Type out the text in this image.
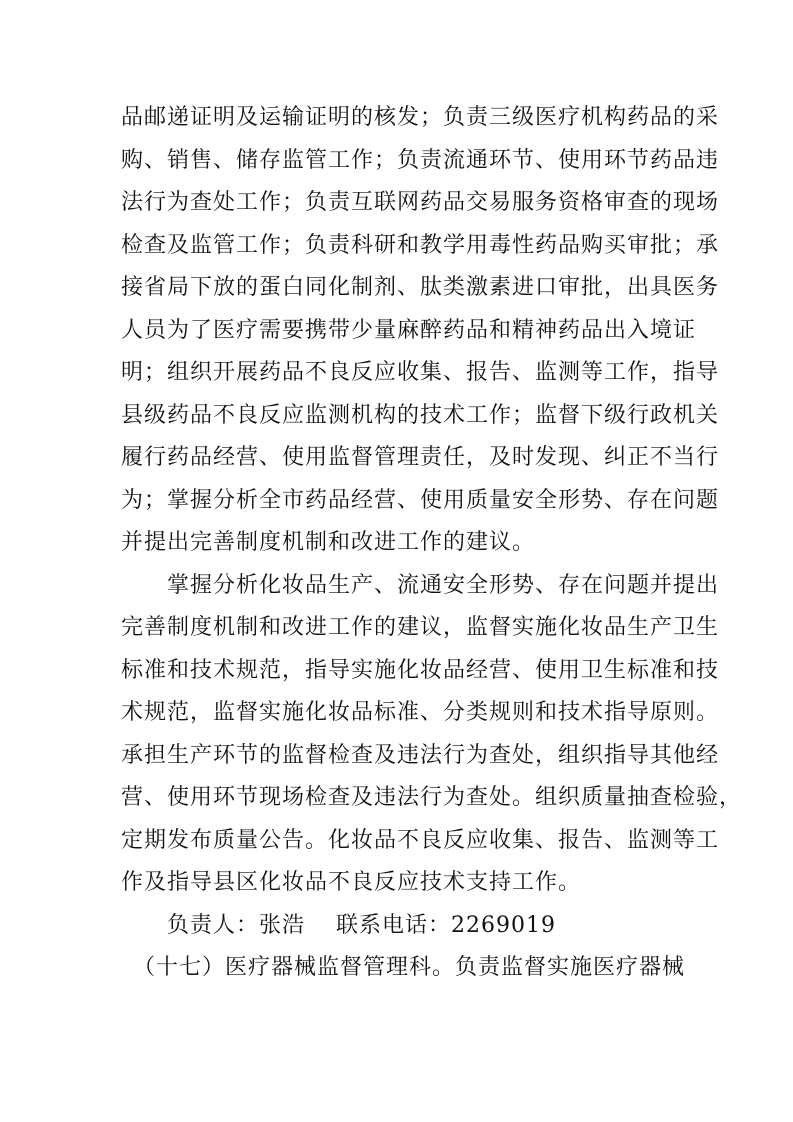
品邮递证明及运输证明的核发；负责三级医疗机构药品的采
购、销售、储存监管工作；负责流通环节、使用环节药品违
法行为查处工作；负责互联网药品交易服务资格审查的现场
检查及监管工作；负责科研和教学用毒性药品购买审批；承
接省局下放的蛋白同化制剂、肽类激素进口审批，出具医务
人员为了医疗需要携带少量麻醉药品和精神药品出入境证
明；组织开展药品不良反应收集、报告、监测等工作，指导
县级药品不良反应监测机构的技术工作；监督下级行政机关
履行药品经营、使用监督管理责任，及时发现、纠正不当行
为；掌握分析全市药品经营、使用质量安全形势、存在问题
并提出完善制度机制和改进工作的建议。
　　掌握分析化妆品生产、流通安全形势、存在问题并提出
完善制度机制和改进工作的建议，监督实施化妆品生产卫生
标准和技术规范，指导实施化妆品经营、使用卫生标准和技
术规范，监督实施化妆品标准、分类规则和技术指导原则。
承担生产环节的监督检查及违法行为查处，组织指导其他经
营、使用环节现场检查及违法行为查处。组织质量抽查检验，
定期发布质量公告。化妆品不良反应收集、报告、监测等工
作及指导县区化妆品不良反应技术支持工作。
　　负责人：张浩　 联系电话：2269019
　（十七）医疗器械监督管理科。负责监督实施医疗器械
